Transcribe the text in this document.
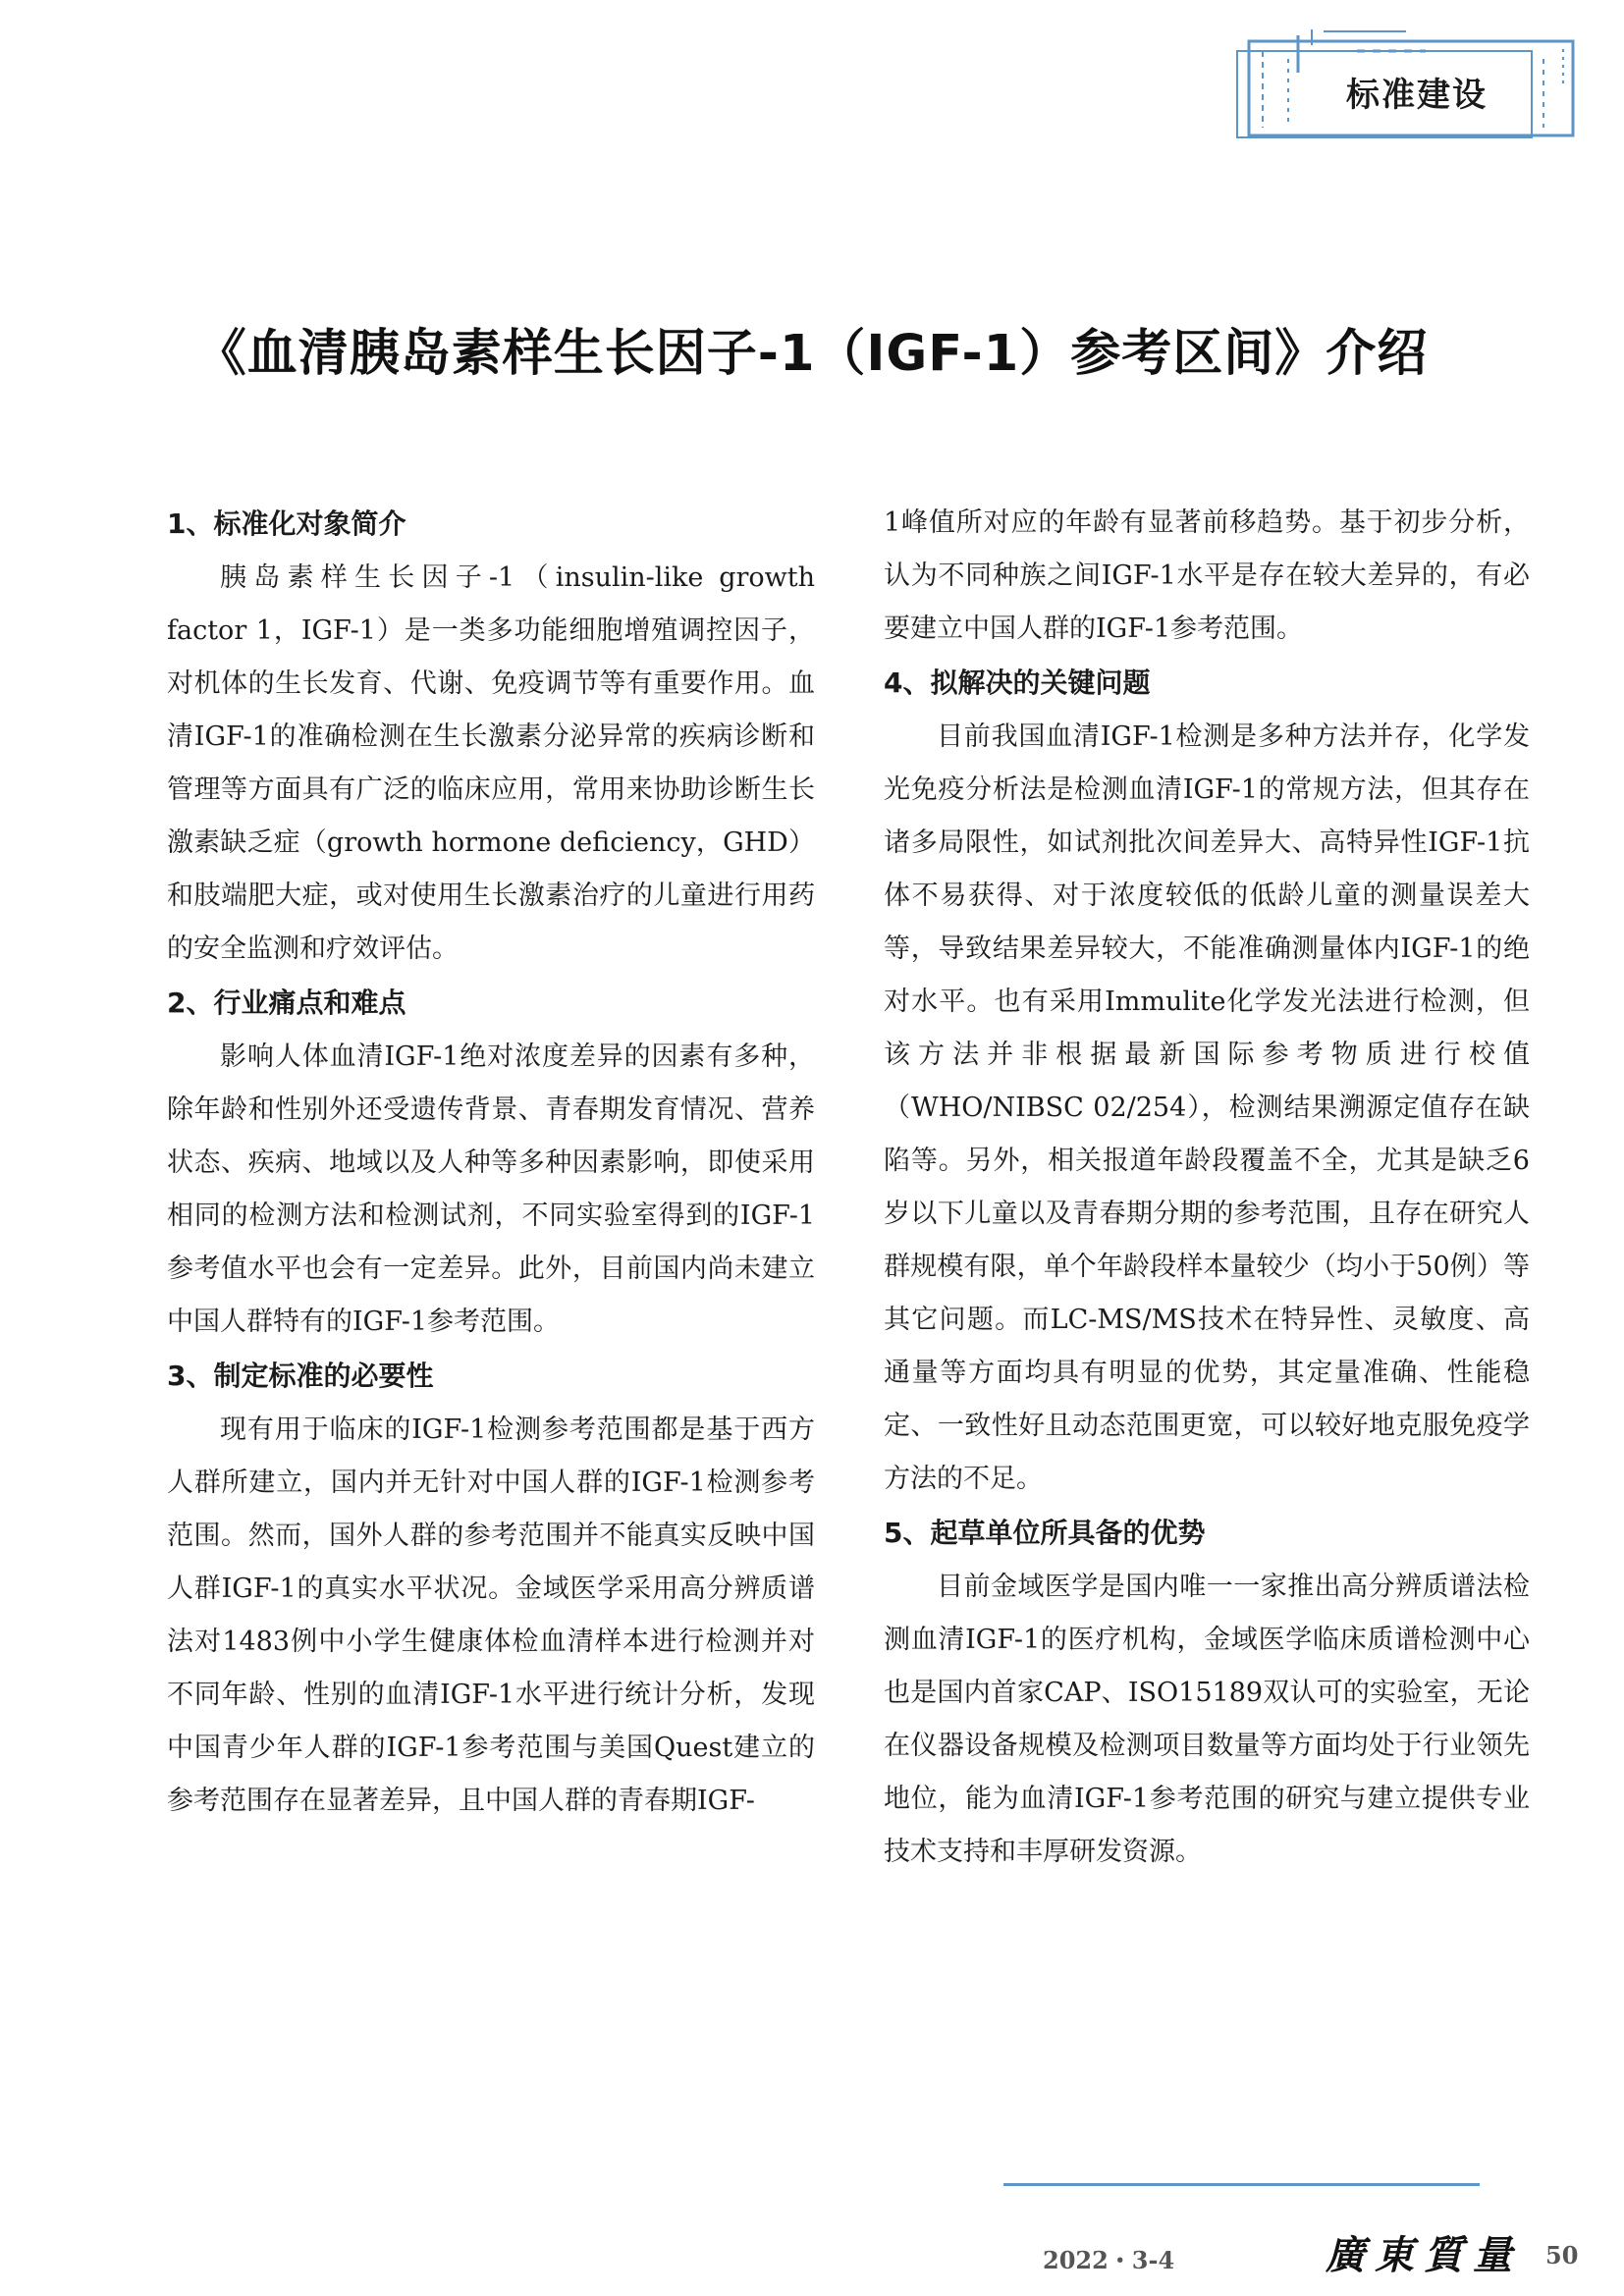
标准建设
《血清胰岛素样生长因子-1（IGF-1）参考区间》介绍
1、标准化对象简介

胰岛素样生长因子-1（insulin-like growth factor 1，IGF-1）是一类多功能细胞增殖调控因子，对机体的生长发育、代谢、免疫调节等有重要作用。血清IGF-1的准确检测在生长激素分泌异常的疾病诊断和管理等方面具有广泛的临床应用，常用来协助诊断生长激素缺乏症（growth hormone deficiency，GHD）和肢端肥大症，或对使用生长激素治疗的儿童进行用药的安全监测和疗效评估。

2、行业痛点和难点

影响人体血清IGF-1绝对浓度差异的因素有多种，除年龄和性别外还受遗传背景、青春期发育情况、营养状态、疾病、地域以及人种等多种因素影响，即使采用相同的检测方法和检测试剂，不同实验室得到的IGF-1参考值水平也会有一定差异。此外，目前国内尚未建立中国人群特有的IGF-1参考范围。

3、制定标准的必要性

现有用于临床的IGF-1检测参考范围都是基于西方人群所建立，国内并无针对中国人群的IGF-1检测参考范围。然而，国外人群的参考范围并不能真实反映中国人群IGF-1的真实水平状况。金域医学采用高分辨质谱法对1483例中小学生健康体检血清样本进行检测并对不同年龄、性别的血清IGF-1水平进行统计分析，发现中国青少年人群的IGF-1参考范围与美国Quest建立的参考范围存在显著差异，且中国人群的青春期IGF-

1峰值所对应的年龄有显著前移趋势。基于初步分析，认为不同种族之间IGF-1水平是存在较大差异的，有必要建立中国人群的IGF-1参考范围。

4、拟解决的关键问题

目前我国血清IGF-1检测是多种方法并存，化学发光免疫分析法是检测血清IGF-1的常规方法，但其存在诸多局限性，如试剂批次间差异大、高特异性IGF-1抗体不易获得、对于浓度较低的低龄儿童的测量误差大等，导致结果差异较大，不能准确测量体内IGF-1的绝对水平。也有采用Immulite化学发光法进行检测，但该方法并非根据最新国际参考物质进行校值（WHO/NIBSC 02/254），检测结果溯源定值存在缺陷等。另外，相关报道年龄段覆盖不全，尤其是缺乏6岁以下儿童以及青春期分期的参考范围，且存在研究人群规模有限，单个年龄段样本量较少（均小于50例）等其它问题。而LC-MS/MS技术在特异性、灵敏度、高通量等方面均具有明显的优势，其定量准确、性能稳定、一致性好且动态范围更宽，可以较好地克服免疫学方法的不足。

5、起草单位所具备的优势

目前金域医学是国内唯一一家推出高分辨质谱法检测血清IGF-1的医疗机构，金域医学临床质谱检测中心也是国内首家CAP、ISO15189双认可的实验室，无论在仪器设备规模及检测项目数量等方面均处于行业领先地位，能为血清IGF-1参考范围的研究与建立提供专业技术支持和丰厚研发资源。

2022・3-4	廣東質量 50
